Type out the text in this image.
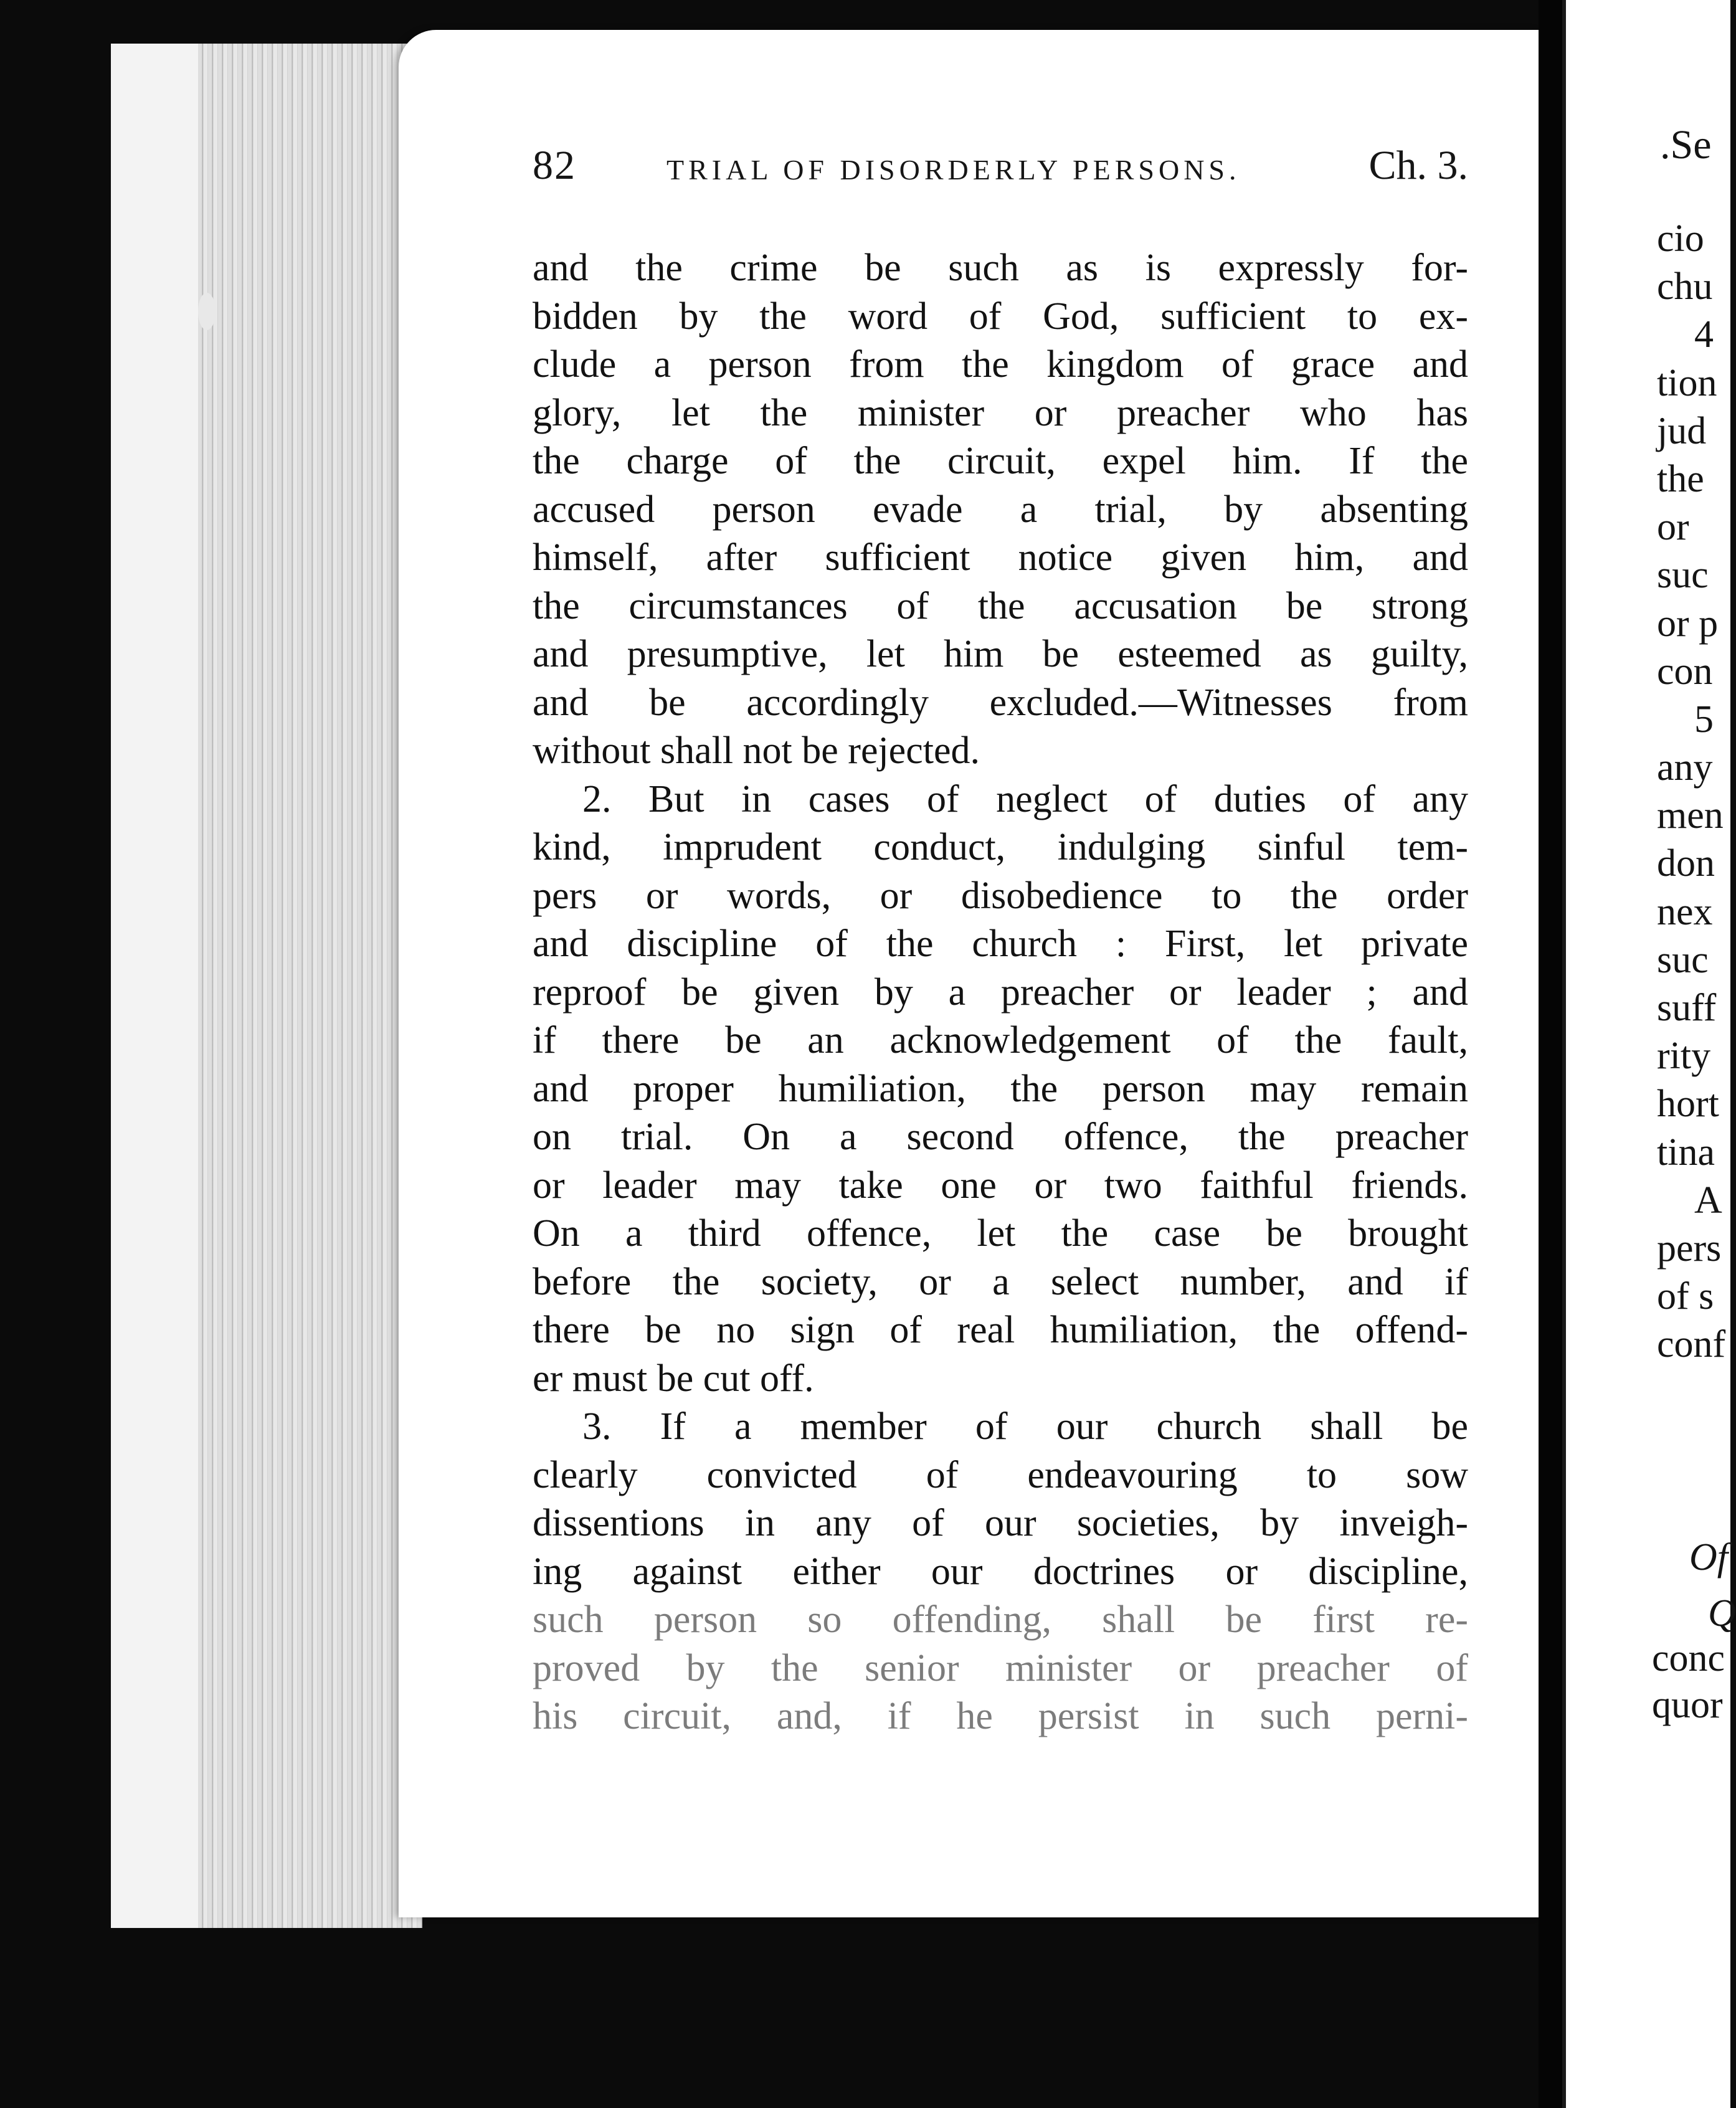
82	TRIAL OF DISORDERLY PERSONS.	Ch. 3.
and the crime be such as is expressly for-
bidden by the word of God, sufficient to ex-
clude a person from the kingdom of grace and
glory, let the minister or preacher who has
the charge of the circuit, expel him. If the
accused person evade a trial, by absenting
himself, after sufficient notice given him, and
the circumstances of the accusation be strong
and presumptive, let him be esteemed as guilty,
and be accordingly excluded.—Witnesses from
without shall not be rejected.
2. But in cases of neglect of duties of any
kind, imprudent conduct, indulging sinful tem-
pers or words, or disobedience to the order
and discipline of the church : First, let private
reproof be given by a preacher or leader ; and
if there be an acknowledgement of the fault,
and proper humiliation, the person may remain
on trial. On a second offence, the preacher
or leader may take one or two faithful friends.
On a third offence, let the case be brought
before the society, or a select number, and if
there be no sign of real humiliation, the offend-
er must be cut off.
3. If a member of our church shall be
clearly convicted of endeavouring to sow
dissentions in any of our societies, by inveigh-
ing against either our doctrines or discipline,
such person so offending, shall be first re-
proved by the senior minister or preacher of
his circuit, and, if he persist in such perni-
.Se
cio
chu
4
tion
jud
the
or
suc
or p
con
5
any
men
don
nex
suc
suff
rity
hort
tina
A
pers
of s
conf
Of
Q
conc
quor
